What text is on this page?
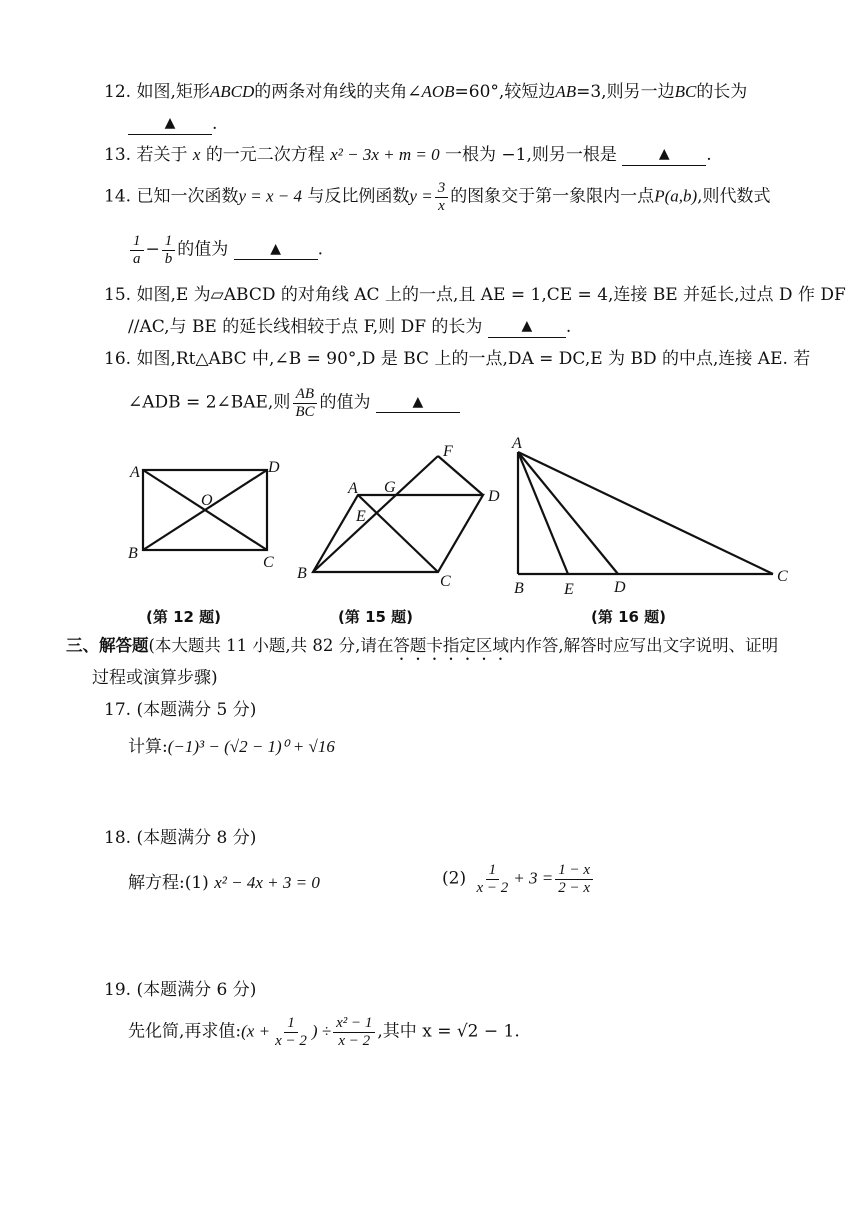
12. 如图,矩形ABCD的两条对角线的夹角∠AOB=60°,较短边AB=3,则另一边BC的长为
▲ .
13. 若关于 x 的一元二次方程 x² − 3x + m = 0 一根为 −1,则另一根是	▲ .
14. 已知一次函数y = x − 4 与反比例函数$y = \frac{3}{x}$ 的图象交于第一象限内一点P(a,b),则代数式
$\frac{1}{a} - \frac{1}{b}$ 的值为	▲ .
15. 如图,E 为▱ABCD 的对角线 AC 上的一点,且 AE = 1,CE = 4,连接 BE 并延长,过点 D 作 DF
//AC,与 BE 的延长线相较于点 F,则 DF 的长为	▲ .
16. 如图,Rt△ABC 中,∠B = 90°,D 是 BC 上的一点,DA = DC,E 为 BD 的中点,连接 AE. 若
∠ADB = 2∠BAE,则 $\frac{AB}{BC}$ 的值为	▲
A
B
C
D
O
A
B	C
D
E
F
G
A
B
C
D
E
(第 12 题)	(第 15 题)	(第 16 题)
三、解答题(本大题共 11 小题,共 82 分,请在答题卡指定区域内作答,解答时应写出文字说明、证明
过程或演算步骤)
17. (本题满分 5 分)
计算:(−1)³ − (√2 − 1)⁰ + √16
18. (本题满分 8 分)
解方程:(1) x² − 4x + 3 = 0	$(2) \frac{1}{x - 2} + 3 = \frac{1 - x}{2 - x}$
19. (本题满分 6 分)
先化简,再求值:(x + $\frac{1}{x - 2}$ ) ÷ $\frac{\text{x² − 1}}{x - 2}$ ,其中 x = √2 − 1.
